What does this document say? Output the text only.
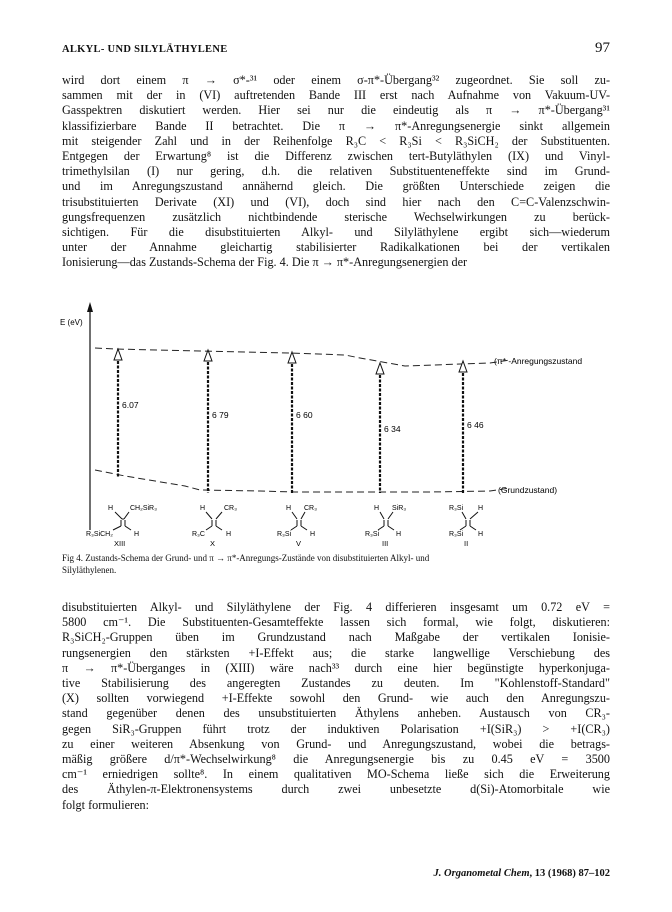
ALKYL- UND SILYLÄTHYLENE	97

wird dort einem π → σ*-³¹ oder einem σ-π*-Übergang³² zugeordnet. Sie soll zu-
sammen mit der in (VI) auftretenden Bande III erst nach Aufnahme von Vakuum-UV-
Gasspektren diskutiert werden. Hier sei nur die eindeutig als π → π*-Übergang³¹
klassifizierbare Bande II betrachtet. Die π → π*-Anregungsenergie sinkt allgemein
mit steigender Zahl und in der Reihenfolge R₃C < R₃Si < R₃SiCH₂ der Substituenten.
Entgegen der Erwartung⁸ ist die Differenz zwischen tert-Butyläthylen (IX) und Vinyl-
trimethylsilan (I) nur gering, d.h. die relativen Substituenteneffekte sind im Grund-
und im Anregungszustand annähernd gleich. Die größten Unterschiede zeigen die
trisubstituierten Derivate (XI) und (VI), doch sind hier nach den C=C-Valenzschwin-
gungsfrequenzen zusätzlich nichtbindende sterische Wechselwirkungen zu berück-
sichtigen. Für die disubstituierten Alkyl- und Silyläthylene ergibt sich—wiederum
unter der Annahme gleichartig stabilisierter Radikalkationen bei der vertikalen
Ionisierung—das Zustands-Schema der Fig. 4. Die π → π*-Anregungsenergien der

E (eV)
(π* -Anregungszustand
(Grundzustand)
6.07
6 79	6 60
6 34	6 46
H CH₂SiR₃
R₃SiCH₂	H
XIII
H	CR₃
R₃C	H
X
H CR₃
R₃Si	H
V
H SiR₃
R₃Si H
III
R₃Si H
R₃Si H
II
Fig 4. Zustands-Schema der Grund- und π → π*-Anregungs-Zustände von disubstituierten Alkyl- und
Silyläthylenen.

disubstituierten Alkyl- und Silyläthylene der Fig. 4 differieren insgesamt um 0.72 eV =
5800 cm⁻¹. Die Substituenten-Gesamteffekte lassen sich formal, wie folgt, diskutieren:
R₃SiCH₂-Gruppen üben im Grundzustand nach Maßgabe der vertikalen Ionisie-
rungsenergien den stärksten +I-Effekt aus; die starke langwellige Verschiebung des
π → π*-Überganges in (XIII) wäre nach³³ durch eine hier begünstigte hyperkonjuga-
tive Stabilisierung des angeregten Zustandes zu deuten. Im "Kohlenstoff-Standard"
(X) sollten vorwiegend +I-Effekte sowohl den Grund- wie auch den Anregungszu-
stand gegenüber denen des unsubstituierten Äthylens anheben. Austausch von CR₃-
gegen SiR₃-Gruppen führt trotz der induktiven Polarisation +I(SiR₃) > +I(CR₃)
zu einer weiteren Absenkung von Grund- und Anregungszustand, wobei die betrags-
mäßig größere d/π*-Wechselwirkung⁸ die Anregungsenergie bis zu 0.45 eV = 3500
cm⁻¹ erniedrigen sollte⁸. In einem qualitativen MO-Schema ließe sich die Erweiterung
des Äthylen-π-Elektronensystems durch zwei unbesetzte d(Si)-Atomorbitale wie
folgt formulieren:

J. Organometal Chem, 13 (1968) 87–102
